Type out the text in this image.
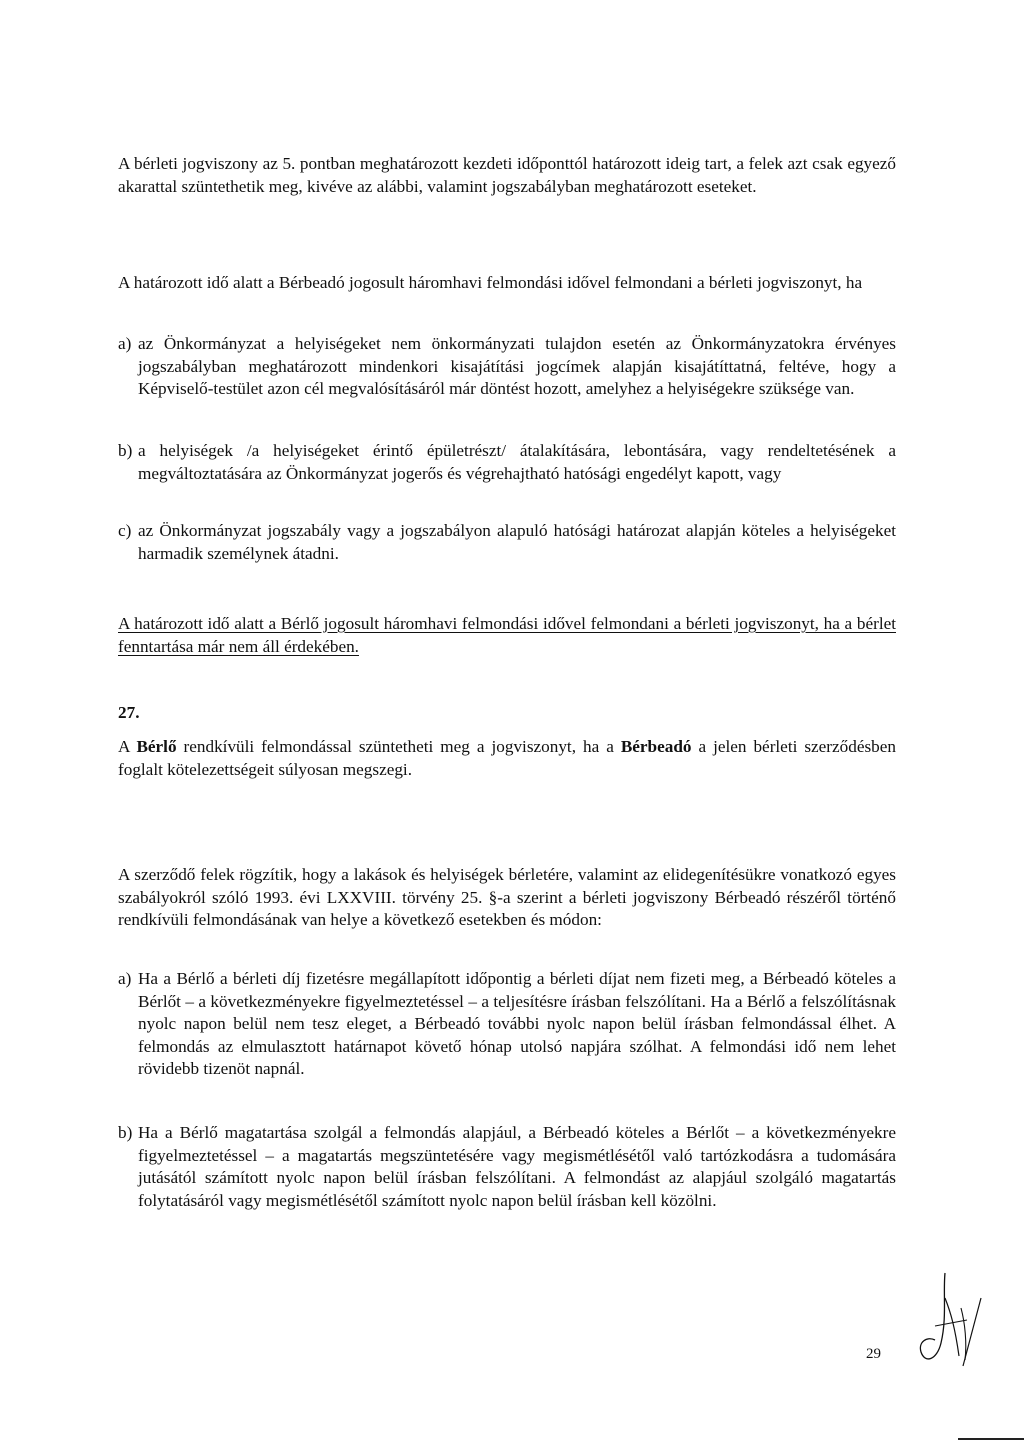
A bérleti jogviszony az 5. pontban meghatározott kezdeti időponttól határozott ideig tart, a felek azt csak egyező akarattal szüntethetik meg, kivéve az alábbi, valamint jogszabályban meghatározott eseteket.

A határozott idő alatt a Bérbeadó jogosult háromhavi felmondási idővel felmondani a bérleti jogviszonyt, ha

a) az Önkormányzat a helyiségeket nem önkormányzati tulajdon esetén az Önkormányzatokra érvényes jogszabályban meghatározott mindenkori kisajátítási jogcímek alapján kisajátíttatná, feltéve, hogy a Képviselő-testület azon cél megvalósításáról már döntést hozott, amelyhez a helyiségekre szüksége van.
b) a helyiségek /a helyiségeket érintő épületrészt/ átalakítására, lebontására, vagy rendeltetésének a megváltoztatására az Önkormányzat jogerős és végrehajtható hatósági engedélyt kapott, vagy
c) az Önkormányzat jogszabály vagy a jogszabályon alapuló hatósági határozat alapján köteles a helyiségeket harmadik személynek átadni.

A határozott idő alatt a Bérlő jogosult háromhavi felmondási idővel felmondani a bérleti jogviszonyt, ha a bérlet fenntartása már nem áll érdekében.

27.

A Bérlő rendkívüli felmondással szüntetheti meg a jogviszonyt, ha a Bérbeadó a jelen bérleti szerződésben foglalt kötelezettségeit súlyosan megszegi.

A szerződő felek rögzítik, hogy a lakások és helyiségek bérletére, valamint az elidegenítésükre vonatkozó egyes szabályokról szóló 1993. évi LXXVIII. törvény 25. §-a szerint a bérleti jogviszony Bérbeadó részéről történő rendkívüli felmondásának van helye a következő esetekben és módon:

a) Ha a Bérlő a bérleti díj fizetésre megállapított időpontig a bérleti díjat nem fizeti meg, a Bérbeadó köteles a Bérlőt – a következményekre figyelmeztetéssel – a teljesítésre írásban felszólítani. Ha a Bérlő a felszólításnak nyolc napon belül nem tesz eleget, a Bérbeadó további nyolc napon belül írásban felmondással élhet. A felmondás az elmulasztott határnapot követő hónap utolsó napjára szólhat. A felmondási idő nem lehet rövidebb tizenöt napnál.
b) Ha a Bérlő magatartása szolgál a felmondás alapjául, a Bérbeadó köteles a Bérlőt – a következményekre figyelmeztetéssel – a magatartás megszüntetésére vagy megismétlésétől való tartózkodásra a tudomására jutásától számított nyolc napon belül írásban felszólítani. A felmondást az alapjául szolgáló magatartás folytatásáról vagy megismétlésétől számított nyolc napon belül írásban kell közölni.
29
